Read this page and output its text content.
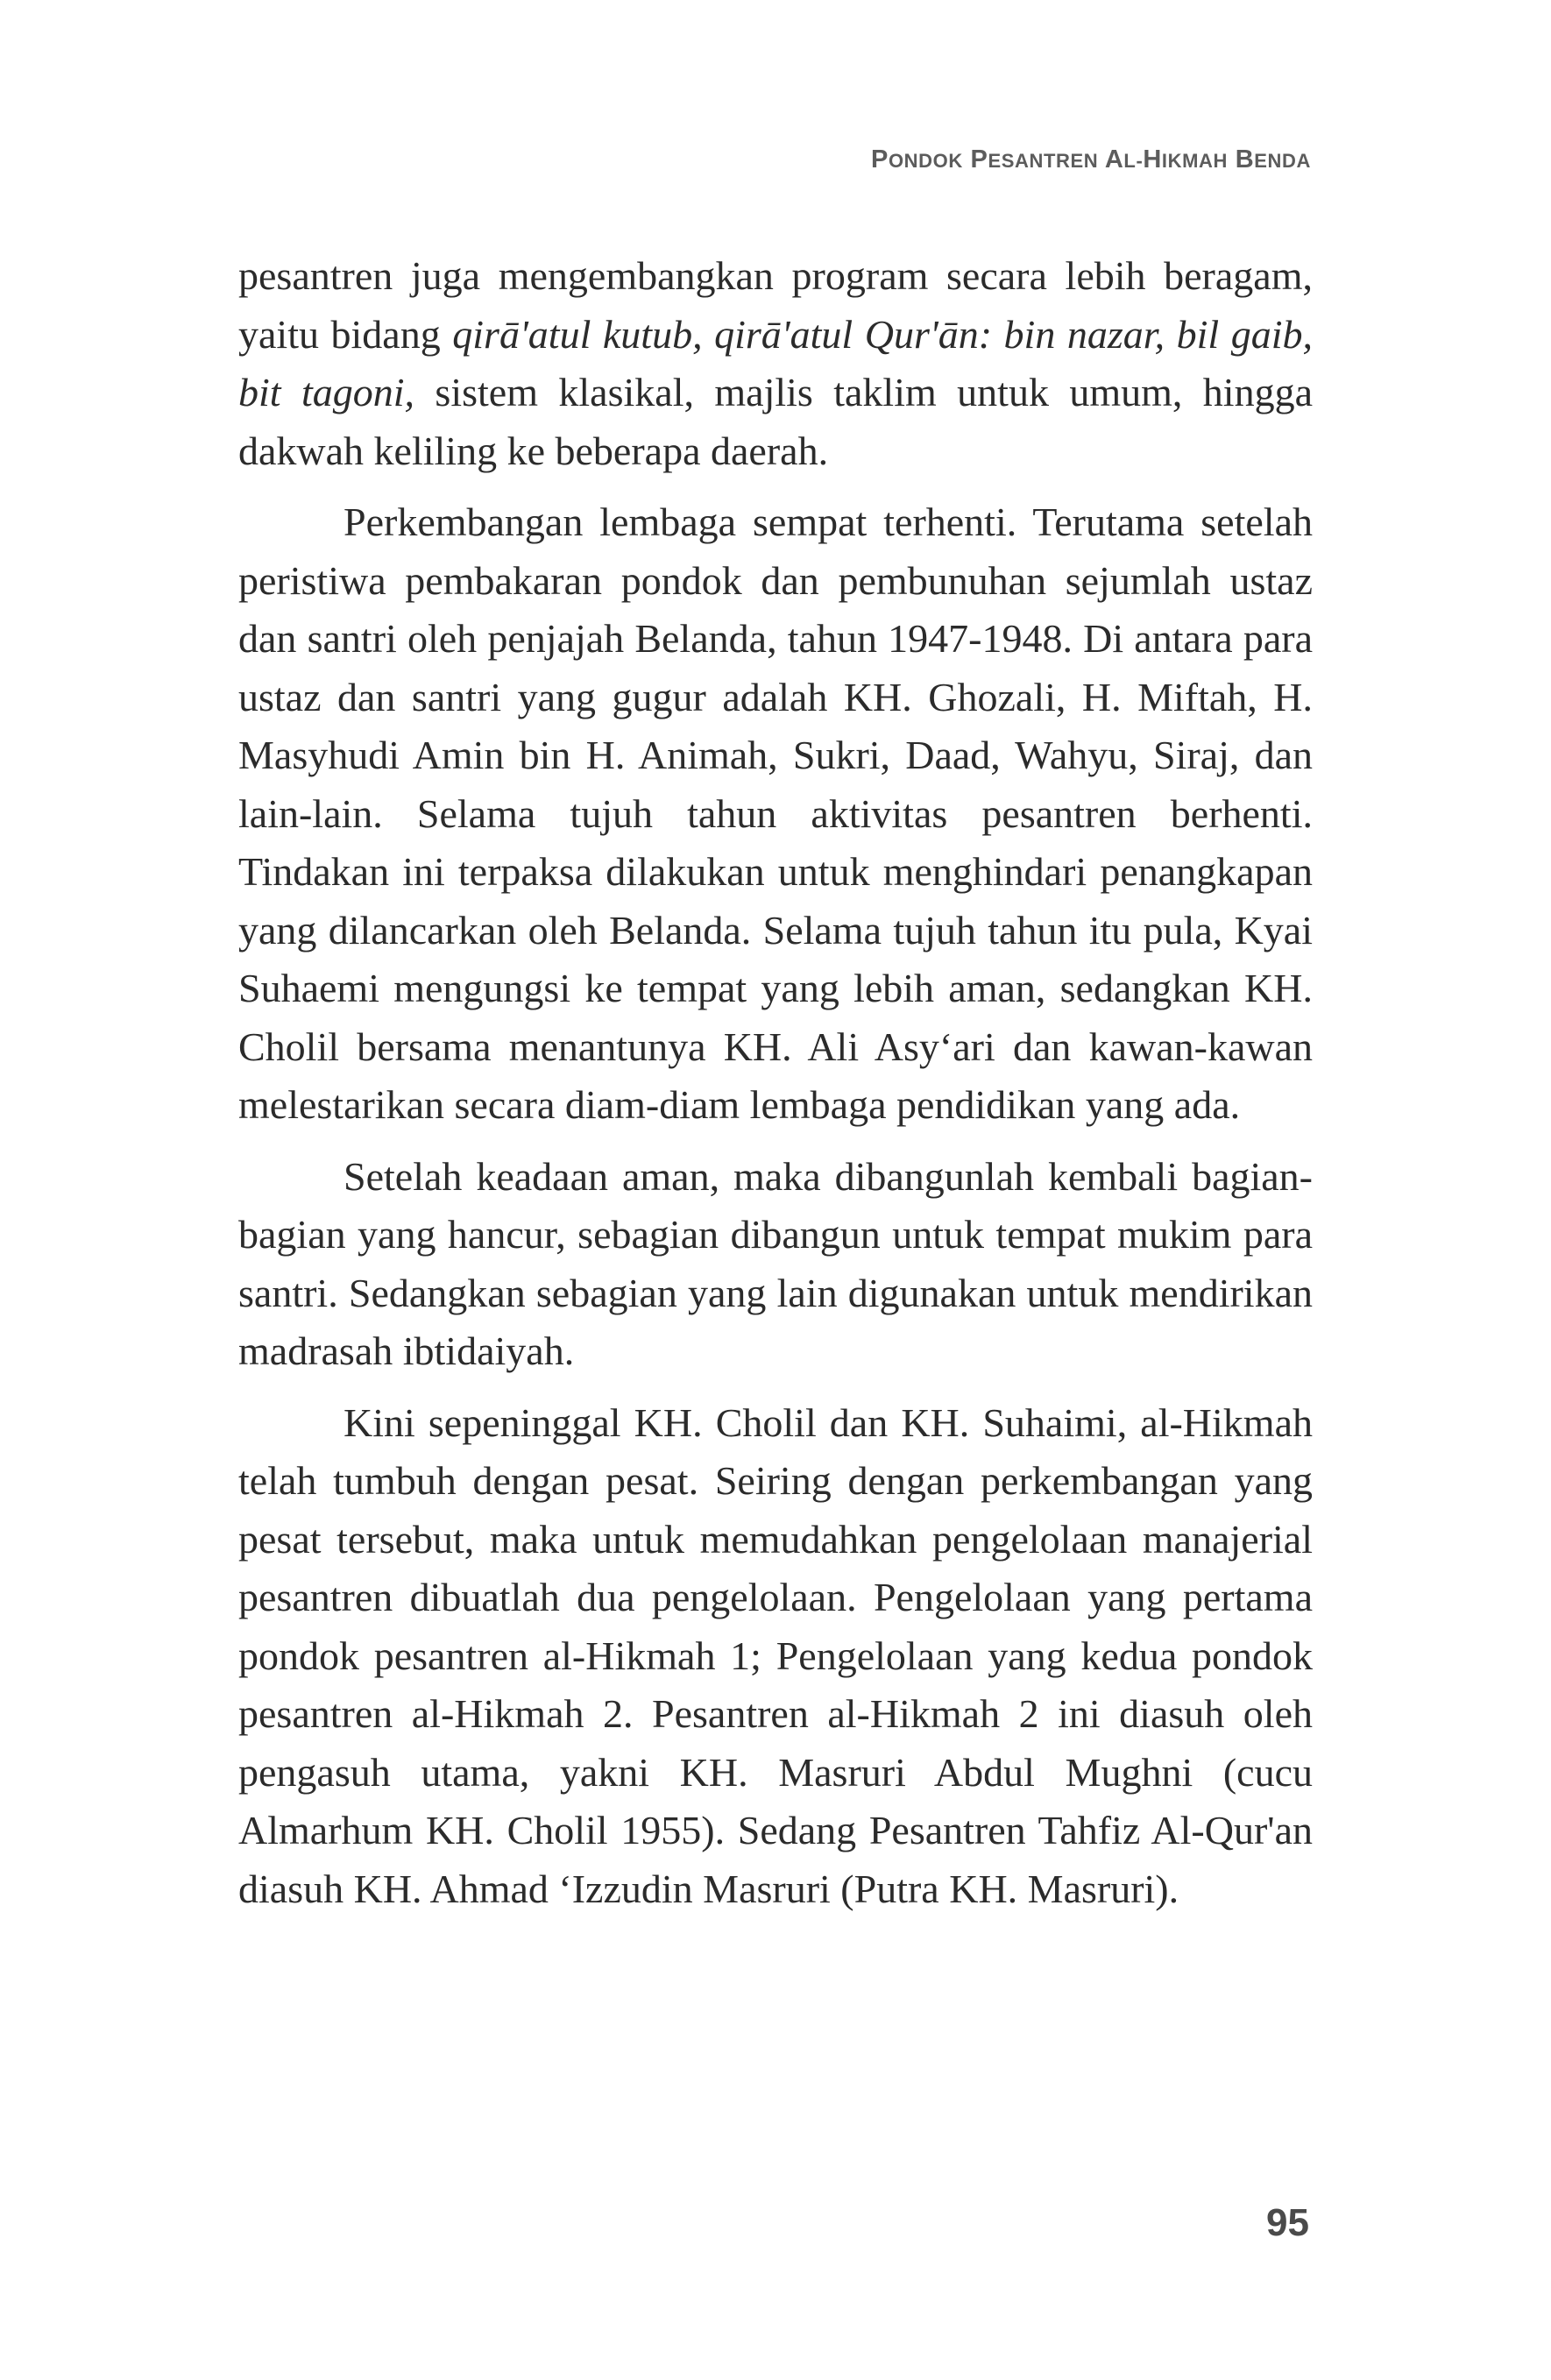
PONDOK PESANTREN AL-HIKMAH BENDA

pesantren juga mengembangkan program secara lebih beragam, yaitu bidang qirā'atul kutub, qirā'atul Qur'ān: bin nazar, bil gaib, bit tagoni, sistem klasikal, majlis taklim untuk umum, hingga dakwah keliling ke beberapa daerah.

Perkembangan lembaga sempat terhenti. Terutama setelah peristiwa pembakaran pondok dan pembunuhan sejumlah ustaz dan santri oleh penjajah Belanda, tahun 1947-1948. Di antara para ustaz dan santri yang gugur adalah KH. Ghozali, H. Miftah, H. Masyhudi Amin bin H. Animah, Sukri, Daad, Wahyu, Siraj, dan lain-lain. Selama tujuh tahun aktivitas pesantren berhenti. Tindakan ini terpaksa dilakukan untuk menghindari penangkapan yang dilancarkan oleh Belanda. Selama tujuh tahun itu pula, Kyai Suhaemi mengungsi ke tempat yang lebih aman, sedangkan KH. Cholil bersama menantunya KH. Ali Asy‘ari dan kawan-kawan melestarikan secara diam-diam lembaga pendidikan yang ada.

Setelah keadaan aman, maka dibangunlah kembali bagian-bagian yang hancur, sebagian dibangun untuk tempat mukim para santri. Sedangkan sebagian yang lain digunakan untuk mendirikan madrasah ibtidaiyah.

Kini sepeninggal KH. Cholil dan KH. Suhaimi, al-Hikmah telah tumbuh dengan pesat. Seiring dengan perkembangan yang pesat tersebut, maka untuk memudahkan pengelolaan manajerial pesantren dibuatlah dua pengelolaan. Pengelolaan yang pertama pondok pesantren al-Hikmah 1; Pengelolaan yang kedua pondok pesantren al-Hikmah 2. Pesantren al-Hikmah 2 ini diasuh oleh pengasuh utama, yakni KH. Masruri Abdul Mughni (cucu Almarhum KH. Cholil 1955). Sedang Pesantren Tahfiz Al-Qur'an diasuh KH. Ahmad ‘Izzudin Masruri (Putra KH. Masruri).

95
